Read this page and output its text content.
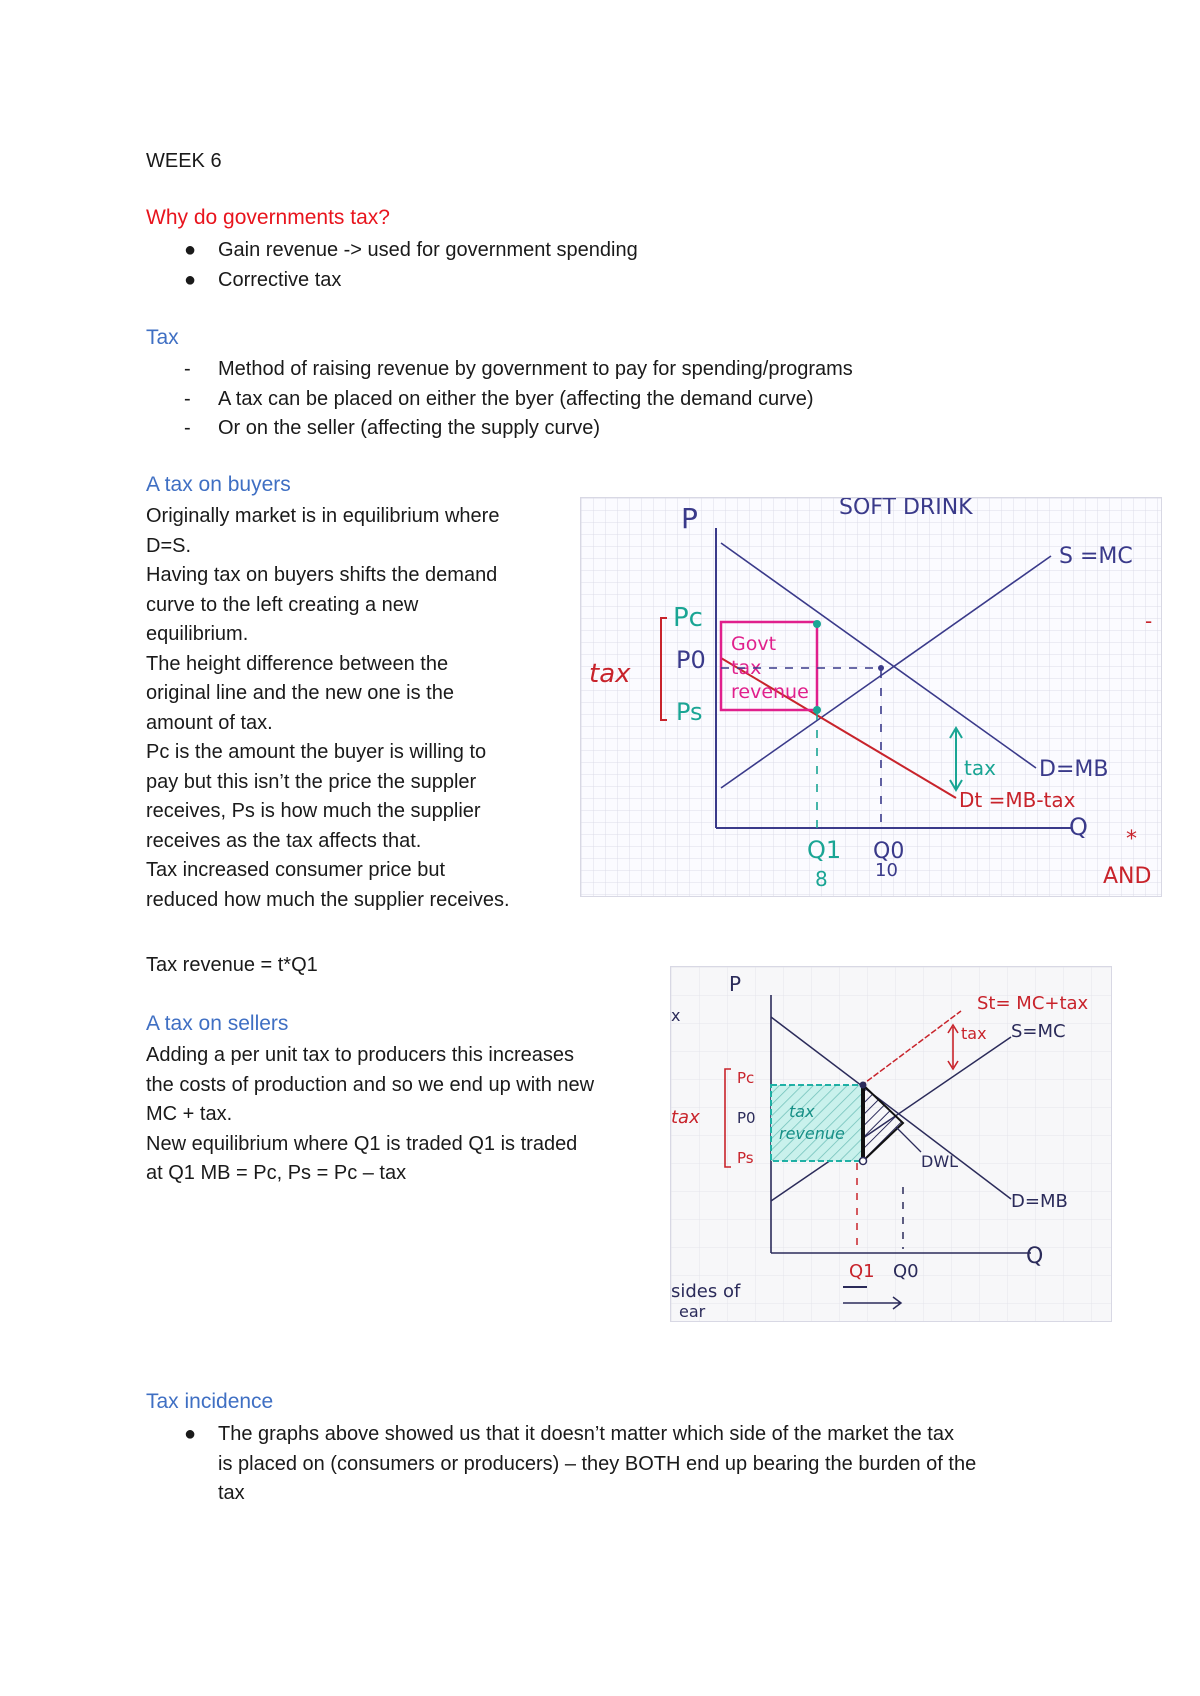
WEEK 6
Why do governments tax?
● Gain revenue -> used for government spending
● Corrective tax
Tax
- Method of raising revenue by government to pay for spending/programs
- A tax can be placed on either the byer (affecting the demand curve)
- Or on the seller (affecting the supply curve)
A tax on buyers
Originally market is in equilibrium where
D=S.
Having tax on buyers shifts the demand
curve to the left creating a new
equilibrium.
The height difference between the
original line and the new one is the
amount of tax.
Pc is the amount the buyer is willing to
pay but this isn’t the price the suppler
receives, Ps is how much the supplier
receives as the tax affects that.
Tax increased consumer price but
reduced how much the supplier receives.
SOFT DRINK
P
Q
S =MC
D=MB
Dt =MB-tax
tax
Pc
P0
Ps
tax
Govt
tax
revenue
Q1 Q0
8	10
*
AND
-
Tax revenue = t*Q1
A tax on sellers
Adding a per unit tax to producers this increases
the costs of production and so we end up with new
MC + tax.
New equilibrium where Q1 is traded Q1 is traded
at Q1 MB = Pc, Ps = Pc – tax
P
Q
S=MC
St= MC+tax
tax
D=MB
tax
revenue
DWL
Pc
P0
Ps
tax
Q1 Q0
sides of
ear
x
Tax incidence
● The graphs above showed us that it doesn’t matter which side of the market the tax
is placed on (consumers or producers) – they BOTH end up bearing the burden of the
tax
